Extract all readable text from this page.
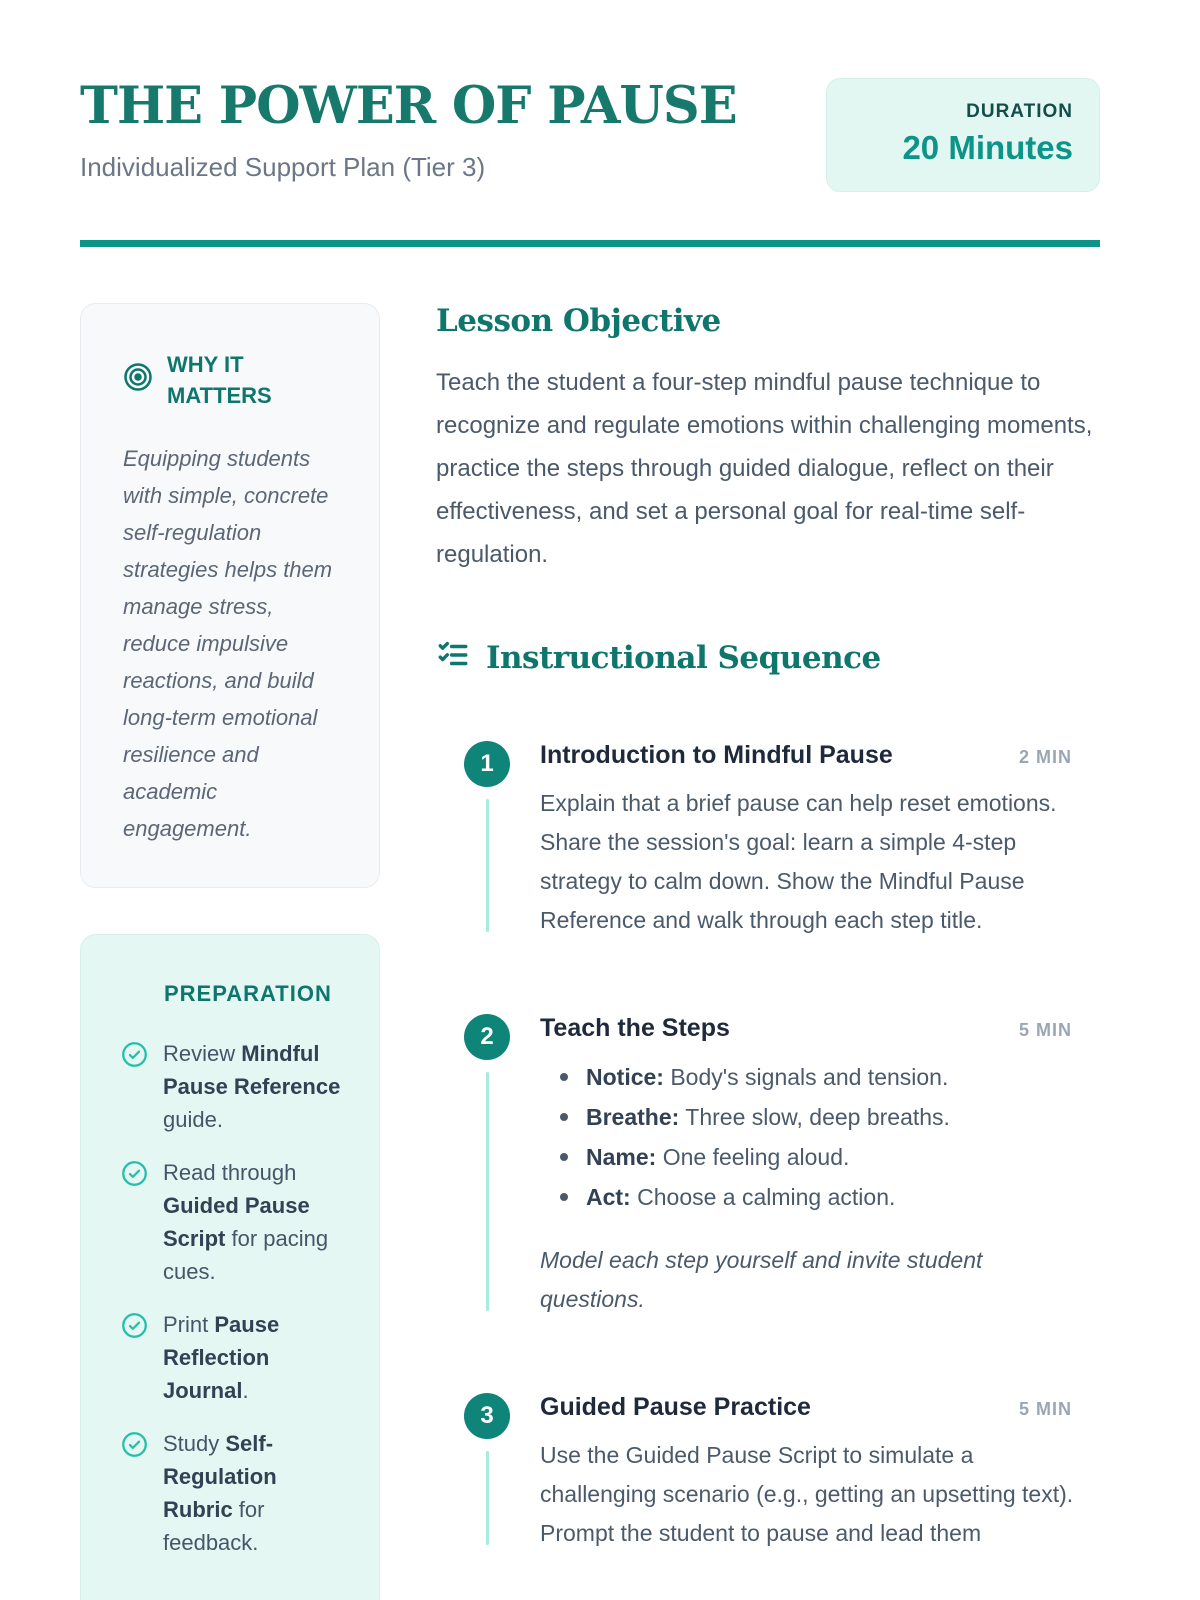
THE POWER OF PAUSE
Individualized Support Plan (Tier 3)
DURATION
20 Minutes
WHY IT MATTERS
Equipping students with simple, concrete self-regulation strategies helps them manage stress, reduce impulsive reactions, and build long-term emotional resilience and academic engagement.
PREPARATION
Review Mindful Pause Reference guide.
Read through Guided Pause Script for pacing cues.
Print Pause Reflection Journal.
Study Self-Regulation Rubric for feedback.
Lesson Objective

Teach the student a four-step mindful pause technique to recognize and regulate emotions within challenging moments, practice the steps through guided dialogue, reflect on their effectiveness, and set a personal goal for real-time self-regulation.

Instructional Sequence
1	Introduction to Mindful Pause	2 MIN

Explain that a brief pause can help reset emotions. Share the session's goal: learn a simple 4-step strategy to calm down. Show the Mindful Pause Reference and walk through each step title.

2	Teach the Steps	5 MIN
Notice: Body's signals and tension.
Breathe: Three slow, deep breaths.
Name: One feeling aloud.
Act: Choose a calming action.

Model each step yourself and invite student questions.

3	Guided Pause Practice	5 MIN

Use the Guided Pause Script to simulate a challenging scenario (e.g., getting an upsetting text). Prompt the student to pause and lead them
